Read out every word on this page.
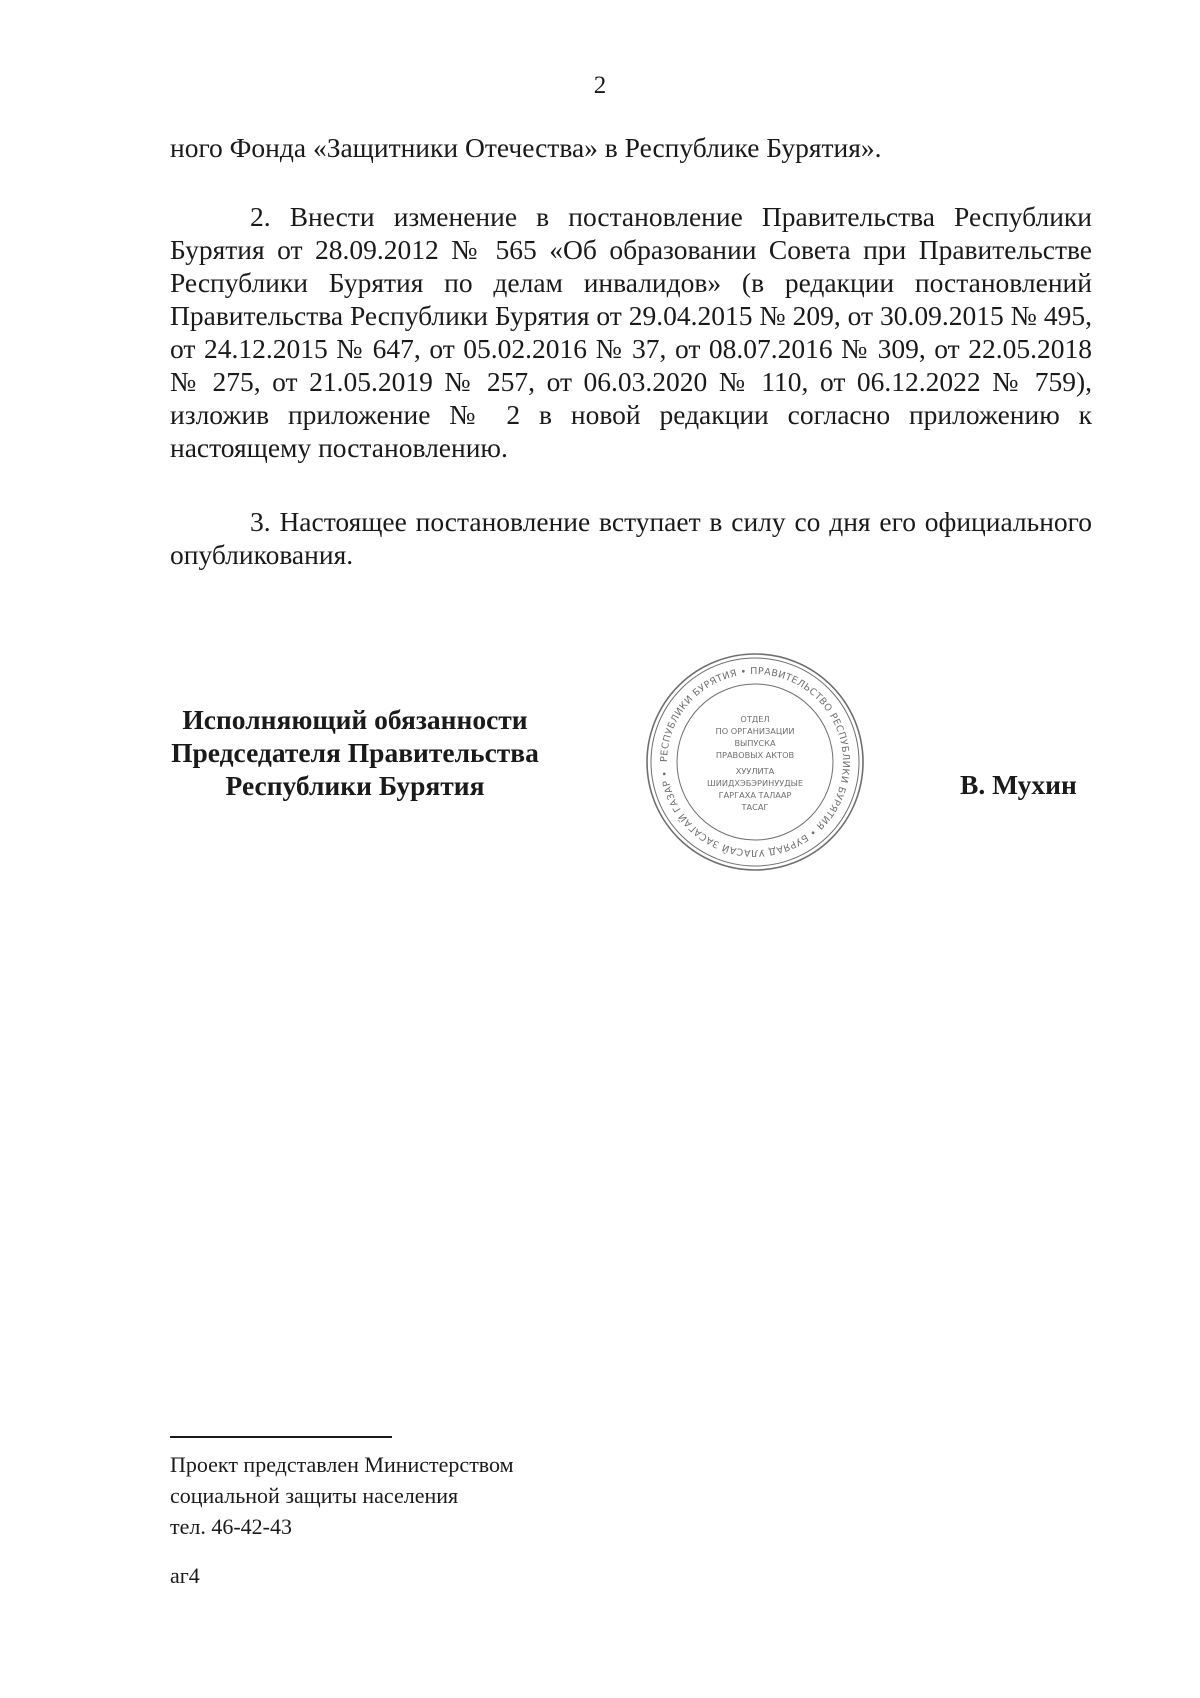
2

ного Фонда «Защитники Отечества» в Республике Бурятия».

2. Внести изменение в постановление Правительства Республики Бурятия от 28.09.2012 № 565 «Об образовании Совета при Правительстве Республики Бурятия по делам инвалидов» (в редакции постановлений Правительства Республики Бурятия от 29.04.2015 № 209, от 30.09.2015 № 495, от 24.12.2015 № 647, от 05.02.2016 № 37, от 08.07.2016 № 309, от 22.05.2018 № 275, от 21.05.2019 № 257, от 06.03.2020 № 110, от 06.12.2022 № 759), изложив приложение № 2 в новой редакции согласно приложению к настоящему постановлению.

3. Настоящее постановление вступает в силу со дня его официального опубликования.

Исполняющий обязанности
Председателя Правительства
Республики Бурятия
РЕСПУБЛИКИ БУРЯТИЯ • ПРАВИТЕЛЬСТВО РЕСПУБЛИКИ БУРЯТИЯ • БУРЯАД УЛАСАЙ ЗАСАГАЙ ГАЗАР •
ОТДЕЛ
ПО ОРГАНИЗАЦИИ
ВЫПУСКА
ПРАВОВЫХ АКТОВ
ХУУЛИТА
ШИИДХЭБЭРИНУУДЫЕ
ГАРГАХА ТАЛААР
ТАСАГ
В. Мухин
Проект представлен Министерством
социальной защиты населения
тел. 46-42-43
аг4
